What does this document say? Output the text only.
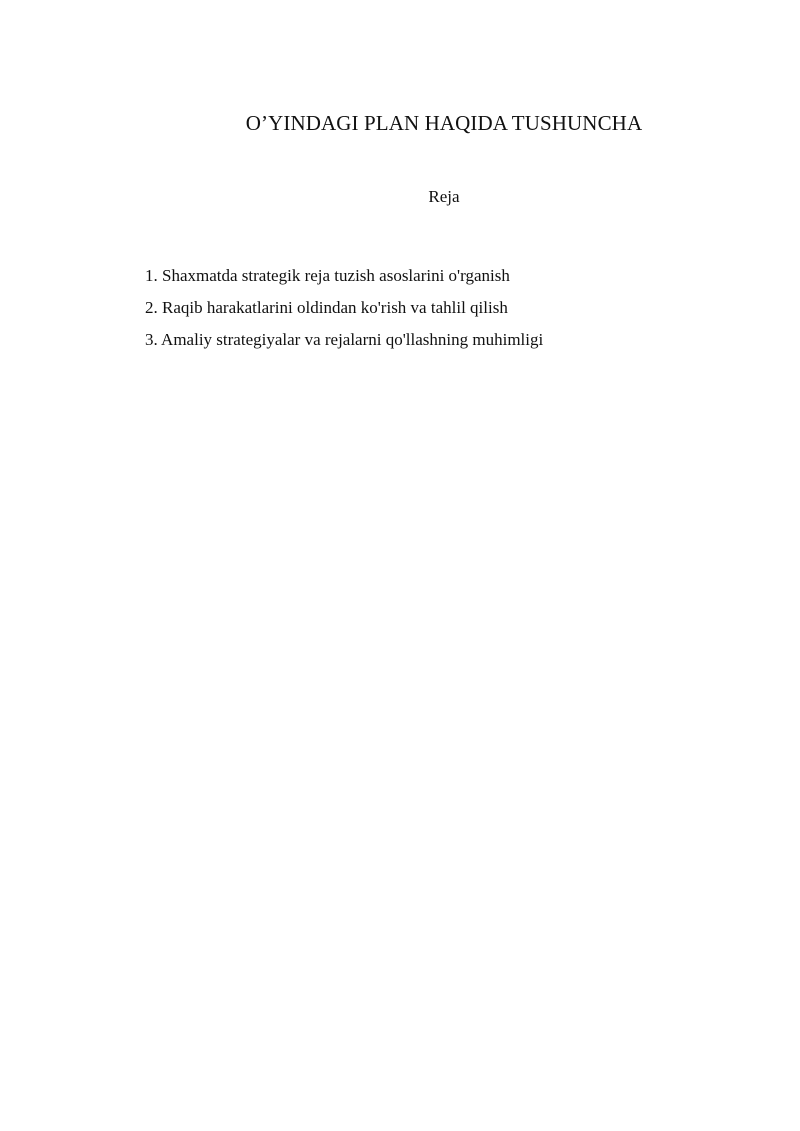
O’YINDAGI PLAN HAQIDA TUSHUNCHA

Reja

1. Shaxmatda strategik reja tuzish asoslarini o'rganish
2. Raqib harakatlarini oldindan ko'rish va tahlil qilish
3. Amaliy strategiyalar va rejalarni qo'llashning muhimligi
